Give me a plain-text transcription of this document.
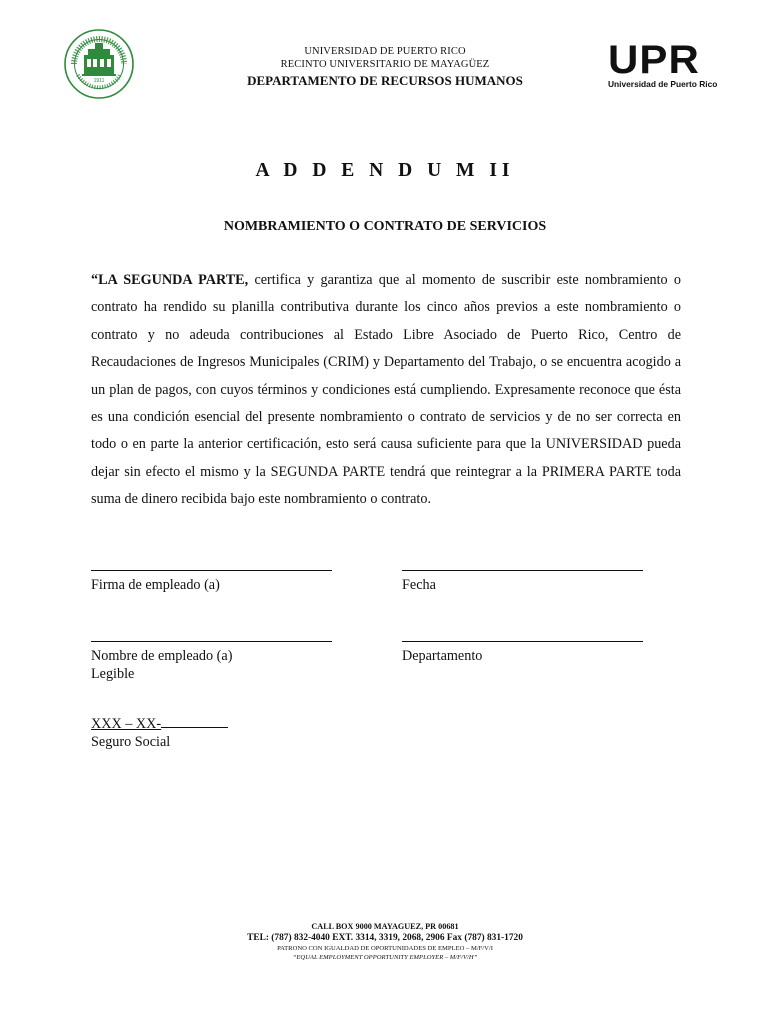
1911	UPR
Universidad de Puerto Rico
UNIVERSIDAD DE PUERTO RICO
RECINTO UNIVERSITARIO DE MAYAGÜEZ
DEPARTAMENTO DE RECURSOS HUMANOS
A D D E N D U M II
NOMBRAMIENTO O CONTRATO DE SERVICIOS
“LA SEGUNDA PARTE, certifica y garantiza que al momento de suscribir este nombramiento o contrato ha rendido su planilla contributiva durante los cinco años previos a este nombramiento o contrato y no adeuda contribuciones al Estado Libre Asociado de Puerto Rico, Centro de Recaudaciones de Ingresos Municipales (CRIM) y Departamento del Trabajo, o se encuentra acogido a un plan de pagos, con cuyos términos y condiciones está cumpliendo. Expresamente reconoce que ésta es una condición esencial del presente nombramiento o contrato de servicios y de no ser correcta en todo o en parte la anterior certificación, esto será causa suficiente para que la UNIVERSIDAD pueda dejar sin efecto el mismo y la SEGUNDA PARTE tendrá que reintegrar a la PRIMERA PARTE toda suma de dinero recibida bajo este nombramiento o contrato.
Firma de empleado (a)	Fecha
Nombre de empleado (a)
Legible
Departamento
XXX – XX-
Seguro Social
CALL BOX 9000 MAYAGUEZ, PR 00681
TEL: (787) 832-4040 EXT. 3314, 3319, 2068, 2906 Fax (787) 831-1720
PATRONO CON IGUALDAD DE OPORTUNIDADES DE EMPLEO – M/F/V/I
“EQUAL EMPLOYMENT OPPORTUNITY EMPLOYER – M/F/V/H”
